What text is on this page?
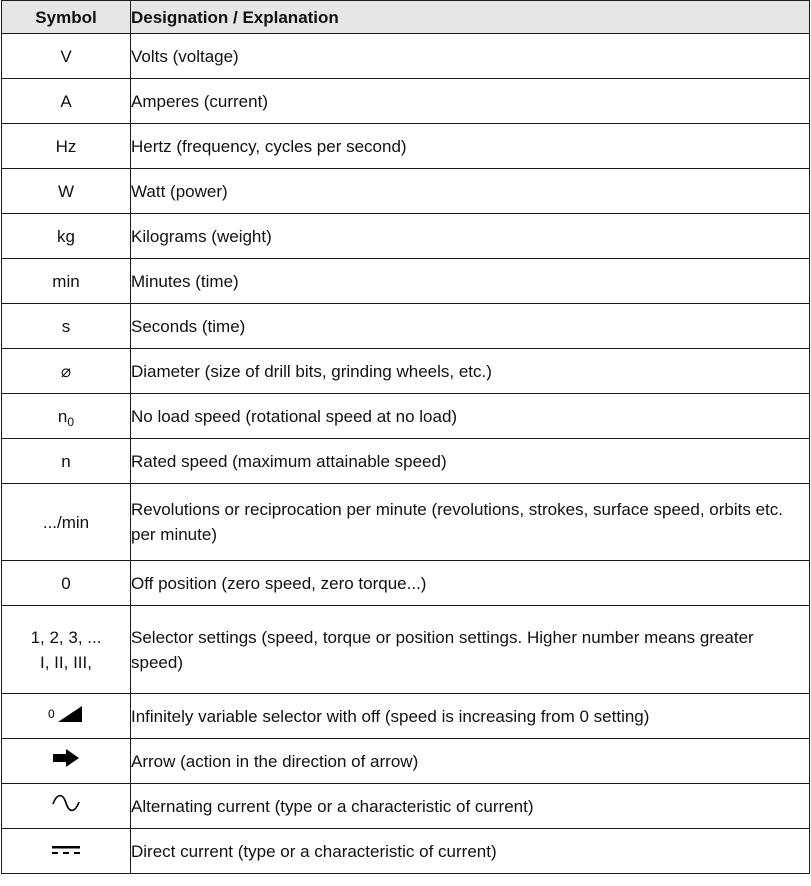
Symbol	Designation / Explanation
V	Volts (voltage)
A	Amperes (current)
Hz	Hertz (frequency, cycles per second)
W	Watt (power)
kg	Kilograms (weight)
min	Minutes (time)
s	Seconds (time)
⌀	Diameter (size of drill bits, grinding wheels, etc.)
$n_0$	No load speed (rotational speed at no load)
n	Rated speed (maximum attainable speed)
.../min	Revolutions or reciprocation per minute (revolutions, strokes, surface speed, orbits etc. per minute)
0	Off position (zero speed, zero torque...)

1, 2, 3, ...
I, II, III,	Selector settings (speed, torque or position settings. Higher number means greater speed)

0	Infinitely variable selector with off (speed is increasing from 0 setting)
	Arrow (action in the direction of arrow)
	Alternating current (type or a characteristic of current)
	Direct current (type or a characteristic of current)
